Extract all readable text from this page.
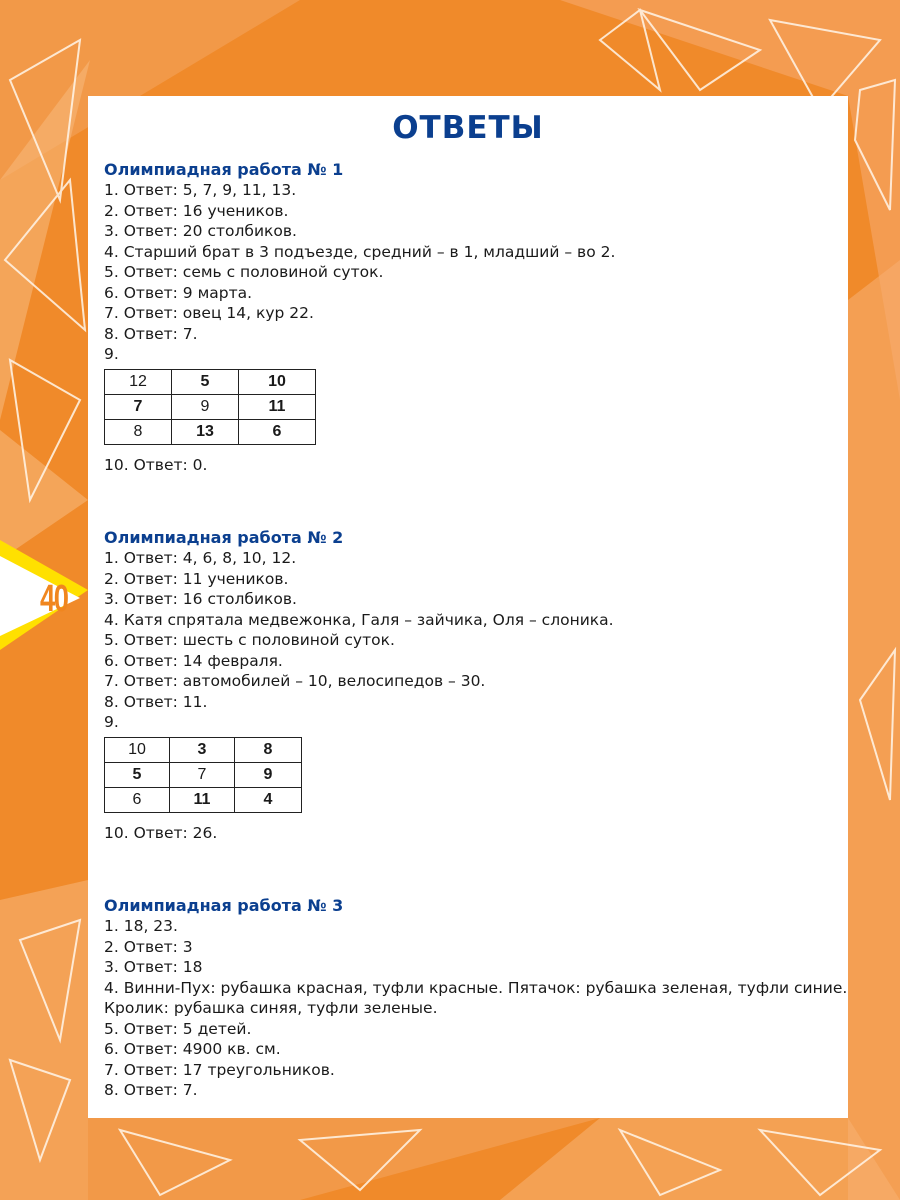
40
ОТВЕТЫ
Олимпиадная работа № 1

1. Ответ: 5, 7, 9, 11, 13.

2. Ответ: 16 учеников.

3. Ответ: 20 столбиков.

4. Старший брат в 3 подъезде, средний – в 1, младший – во 2.

5. Ответ: семь с половиной суток.

6. Ответ: 9 марта.

7. Ответ: овец 14, кур 22.

8. Ответ: 7.

9.

12	5	10
7	9	11
8	13	6

10. Ответ: 0.

Олимпиадная работа № 2

1. Ответ: 4, 6, 8, 10, 12.

2. Ответ: 11 учеников.

3. Ответ: 16 столбиков.

4. Катя спрятала медвежонка, Галя – зайчика, Оля – слоника.

5. Ответ: шесть с половиной суток.

6. Ответ: 14 февраля.

7. Ответ: автомобилей – 10, велосипедов – 30.

8. Ответ: 11.

9.

10	3	8
5	7	9
6	11	4

10. Ответ: 26.

Олимпиадная работа № 3

1. 18, 23.

2. Ответ: 3

3. Ответ: 18

4. Винни-Пух: рубашка красная, туфли красные. Пятачок: рубашка зеленая, туфли синие.

Кролик: рубашка синяя, туфли зеленые.

5. Ответ: 5 детей.

6. Ответ: 4900 кв. см.

7. Ответ: 17 треугольников.

8. Ответ: 7.
